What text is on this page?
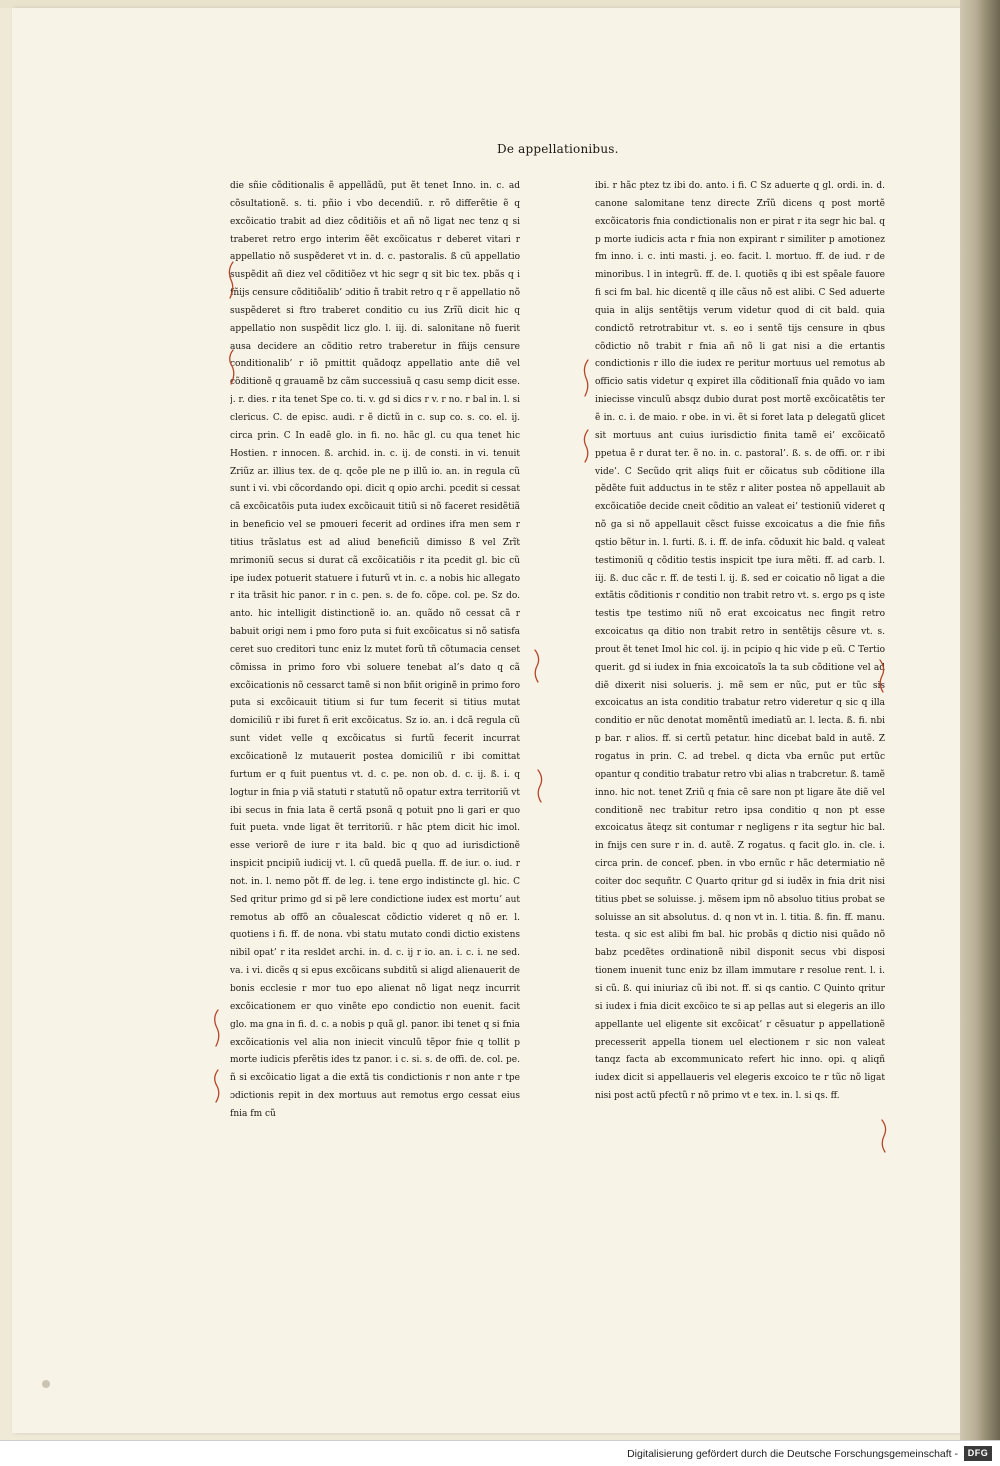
De appellationibus.

die sñie cõditionalis ẽ appellãdũ, put ẽt tenet Inno. in. c. ad cõsultationẽ. s. ti. pñio i vbo decendiũ. r. rõ differẽtie ẽ q excõicatio trabit ad diez cõditiõis et añ nõ ligat nec tenz q si traberet retro ergo interim ẽẽt excõicatus r deberet vitari r appellatio nõ suspẽderet vt in. d. c. pastoralis. ß cũ appellatio suspẽdit añ diez vel cõditiõez vt hic segr q sit bic tex. pbãs q i fñijs censure cõditiõalib’ ɔditio ñ trabit retro q r ẽ appellatio nõ suspẽderet si ftro traberet conditio cu ius Zrĩũ dicit hic q appellatio non suspẽdit licz glo. l. iij. di. salonitane nõ fuerit ausa decidere an cõditio retro traberetur in fñijs censure conditionalib’ r iõ pmittit quãdoqz appellatio ante diẽ vel cõditionẽ q grauamẽ bz cãm successiuã q casu semp dicit esse. j. r. dies. r ita tenet Spe co. ti. v. gd si dics r v. r no. r bal in. l. si clericus. C. de episc. audi. r ẽ dictũ in c. sup co. s. co. el. ij. circa prin. C In eadẽ glo. in fi. no. hãc gl. cu qua tenet hic Hostien. r innocen. ß. archid. in. c. ij. de consti. in vi. tenuit Zriũz ar. illius tex. de q. qcõe ple ne p illũ io. an. in regula cũ sunt i vi. vbi cõcordando opi. dicit q opio archi. pcedit si cessat cã excõicatõis puta iudex excõicauit titiũ si nõ faceret residẽtiã in beneficio vel se pmoueri fecerit ad ordines ifra men sem r titius trãslatus est ad aliud beneficiũ dimisso ß vel Zrĩt mrimoniũ secus si durat cã excõicatiõis r ita pcedit gl. bic cũ ipe iudex potuerit statuere i futurũ vt in. c. a nobis hic allegato r ita trãsit hic panor. r in c. pen. s. de fo. cõpe. col. pe. Sz do. anto. hic intelligit distinctionẽ io. an. quãdo nõ cessat cã r babuit origi nem i pmo foro puta si fuit excõicatus si nõ satisfa ceret suo creditori tunc eniz lz mutet forũ tñ cõtumacia censet cõmissa in primo foro vbi soluere tenebat al’s dato q cã excõicationis nõ cessarct tamẽ si non bñit originẽ in primo foro puta si excõicauit titium si fur tum fecerit si titius mutat domiciliũ r ibi furet ñ erit excõicatus. Sz io. an. i dcã regula cũ sunt videt velle q excõicatus si furtũ fecerit incurrat excõicationẽ lz mutauerit postea domiciliũ r ibi comittat furtum er q fuit puentus vt. d. c. pe. non ob. d. c. ij. ß. i. q logtur in fnia p viã statuti r statutũ nõ opatur extra territoriũ vt ibi secus in fnia lata ẽ certã psonã q potuit pno li gari er quo fuit pueta. vnde ligat ẽt territoriũ. r hãc ptem dicit hic imol. esse veriorẽ de iure r ita bald. bic q quo ad iurisdictionẽ inspicit pncipiũ iudicij vt. l. cũ quedã puella. ff. de iur. o. iud. r not. in. l. nemo põt ff. de leg. i. tene ergo indistincte gl. hic. C Sed qritur primo gd si pẽ lere condictione iudex est mortu’ aut remotus ab offõ an cõualescat cõdictio videret q nõ er. l. quotiens i fi. ff. de nona. vbi statu mutato condi dictio existens nibil opat’ r ita resldet archi. in. d. c. ij r io. an. i. c. i. ne sed. va. i vi. dicẽs q si epus excõicans subditũ si aligd alienauerit de bonis ecclesie r mor tuo epo alienat nõ ligat neqz incurrit excõicationem er quo vinẽte epo condictio non euenit. facit glo. ma gna in fi. d. c. a nobis p quã gl. panor. ibi tenet q si fnia excõicationis vel alia non iniecit vinculũ tẽpor fnie q tollit p morte iudicis pferẽtis ides tz panor. i c. si. s. de offi. de. col. pe. ñ si excõicatio ligat a die extã tis condictionis r non ante r tpe ɔdictionis repit in dex mortuus aut remotus ergo cessat eius fnia fm cũ

ibi. r hãc ptez tz ibi do. anto. i fi. C Sz aduerte q gl. ordi. in. d. canone salomitane tenz directe Zrĩũ dicens q post mortẽ excõicatoris fnia condictionalis non er pirat r ita segr hic bal. q p morte iudicis acta r fnia non expirant r similiter p amotionez fm inno. i. c. inti masti. j. eo. facit. l. mortuo. ff. de iud. r de minoribus. l in integrũ. ff. de. l. quotiẽs q ibi est spẽale fauore fi sci fm bal. hic dicentẽ q ille cãus nõ est alibi. C Sed aduerte quia in alijs sentẽtijs verum videtur quod di cit bald. quia condictõ retrotrabitur vt. s. eo i sentẽ tijs censure in qbus cõdictio nõ trabit r fnia añ nõ li gat nisi a die ertantis condictionis r illo die iudex re peritur mortuus uel remotus ab officio satis videtur q expiret illa cõditionalĩ fnia quãdo vo iam iniecisse vinculũ absqz dubio durat post mortẽ excõicatẽtis ter ẽ in. c. i. de maio. r obe. in vi. ẽt si foret lata p delegatũ glicet sit mortuus ant cuius iurisdictio finita tamẽ ei’ excõicatõ ppetua ẽ r durat ter. ẽ no. in. c. pastoral’. ß. s. de offi. or. r ibi vide’. C Secũdo qrit aliqs fuit er cõicatus sub cõditione illa pẽdẽte fuit adductus in te stẽz r aliter postea nõ appellauit ab excõicatiõe decide cneit cõditio an valeat ei’ testioniũ videret q nõ ga si nõ appellauit cẽsct fuisse excoicatus a die fnie fiñs qstio bẽtur in. l. furti. ß. i. ff. de infa. cõduxit hic bald. q valeat testimoniũ q cõditio testis inspicit tpe iura mẽti. ff. ad carb. l. iij. ß. duc cãc r. ff. de testi l. ij. ß. sed er coicatio nõ ligat a die extãtis cõditionis r conditio non trabit retro vt. s. ergo ps q iste testis tpe testimo niũ nõ erat excoicatus nec fingit retro excoicatus qa ditio non trabit retro in sentẽtijs cẽsure vt. s. prout ẽt tenet Imol hic col. ij. in pcipio q hic vide p eũ. C Tertio querit. gd si iudex in fnia excoicatoĩs la ta sub cõditione vel ad diẽ dixerit nisi solueris. j. mẽ sem er nũc, put er tũc sis excoicatus an ista conditio trabatur retro videretur q sic q illa conditio er nũc denotat momẽntũ imediatũ ar. l. lecta. ß. fi. nbi p bar. r alios. ff. si certũ petatur. hinc dicebat bald in autẽ. Z rogatus in prin. C. ad trebel. q dicta vba ernũc put ertũc opantur q conditio trabatur retro vbi alias n trabcretur. ß. tamẽ inno. hic not. tenet Zriũ q fnia cẽ sare non pt ligare ãte diẽ vel conditionẽ nec trabitur retro ipsa conditio q non pt esse excoicatus ãteqz sit contumar r negligens r ita segtur hic bal. in fnijs cen sure r in. d. autẽ. Z rogatus. q facit glo. in. cle. i. circa prin. de concef. pben. in vbo ernũc r hãc determiatio nẽ coiter doc sequñtr. C Quarto qritur gd si iudẽx in fnia drit nisi titius pbet se soluisse. j. mẽsem ipm nõ absoluo titius probat se soluisse an sit absolutus. d. q non vt in. l. titia. ß. fin. ff. manu. testa. q sic est alibi fm bal. hic probãs q dictio nisi quãdo nõ babz pcedẽtes ordinationẽ nibil disponit secus vbi disposi tionem inuenit tunc eniz bz illam immutare r resolue rent. l. i. si cũ. ß. qui iniuriaz cũ ibi not. ff. si qs cantio. C Quinto qritur si iudex i fnia dicit excõico te si ap pellas aut si elegeris an illo appellante uel eligente sit excõicat’ r cẽsuatur p appellationẽ precesserit appella tionem uel electionem r sic non valeat tanqz facta ab excommunicato refert hic inno. opi. q aliqñ iudex dicit si appellaueris vel elegeris excoico te r tũc nõ ligat nisi post actũ pfectũ r nõ primo vt e tex. in. l. si qs. ff.

Digitalisierung gefördert durch die Deutsche Forschungsgemeinschaft -	DFG
